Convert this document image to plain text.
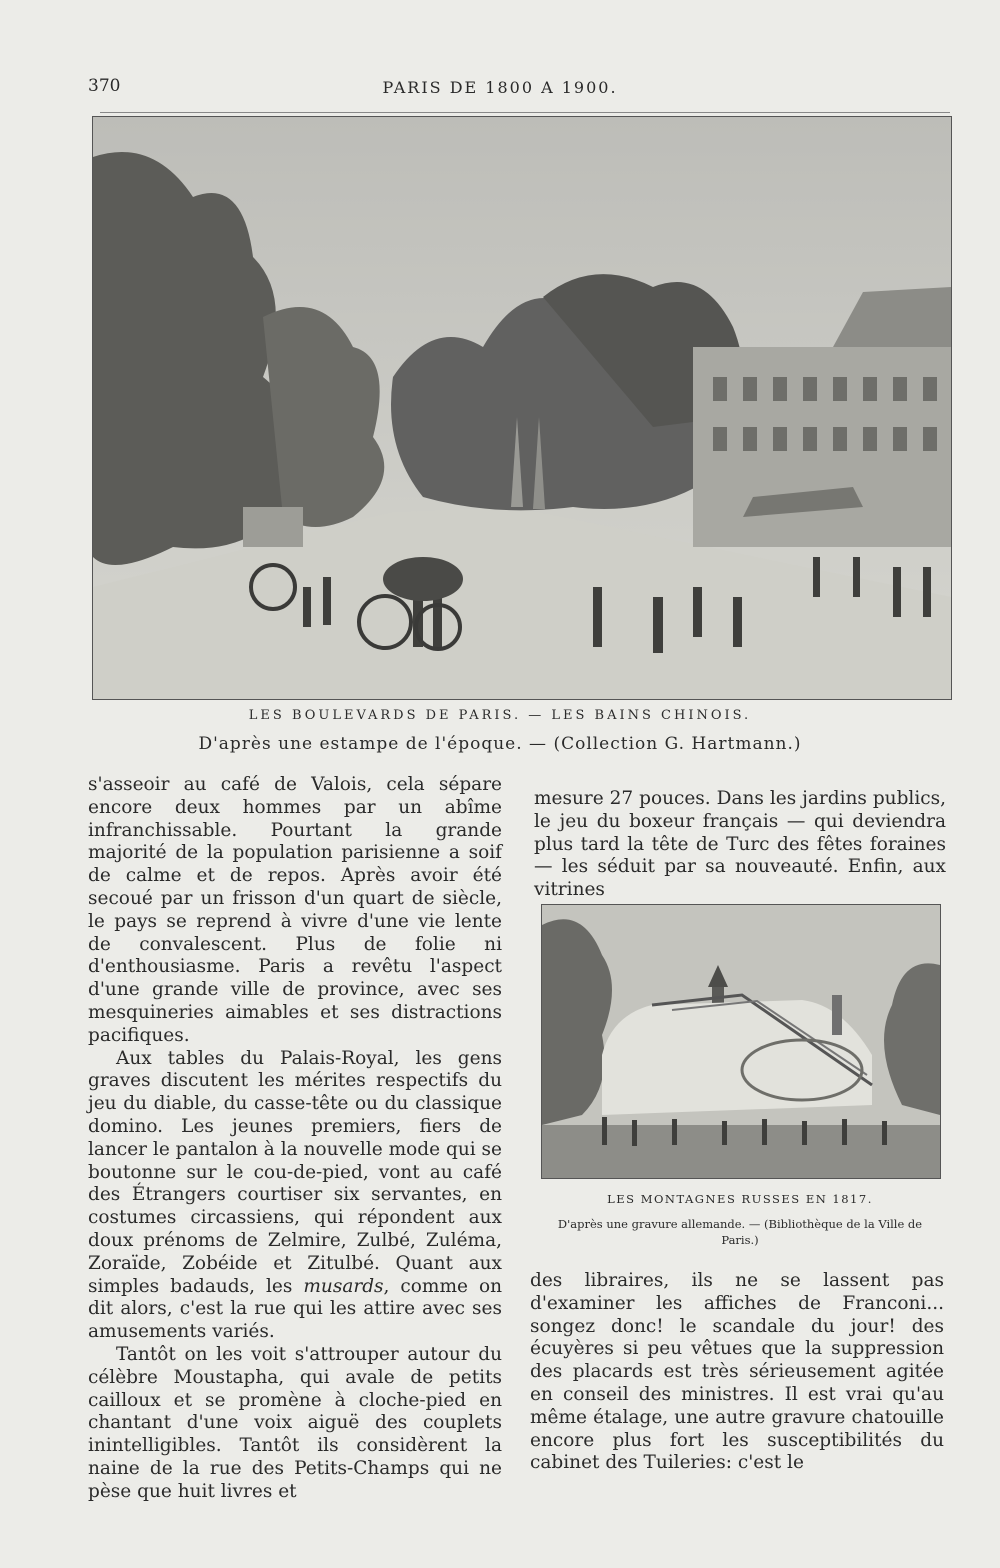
370	PARIS DE 1800 A 1900.
LES BOULEVARDS DE PARIS. — LES BAINS CHINOIS.
D'après une estampe de l'époque. — (Collection G. Hartmann.)

s'asseoir au café de Valois, cela sépare encore deux hommes par un abîme infranchissable. Pourtant la grande majorité de la population parisienne a soif de calme et de repos. Après avoir été secoué par un frisson d'un quart de siècle, le pays se reprend à vivre d'une vie lente de convalescent. Plus de folie ni d'enthousiasme. Paris a revêtu l'aspect d'une grande ville de province, avec ses mesquineries aimables et ses distractions pacifiques.

Aux tables du Palais-Royal, les gens graves discutent les mérites respectifs du jeu du diable, du casse-tête ou du classique domino. Les jeunes premiers, fiers de lancer le pantalon à la nouvelle mode qui se boutonne sur le cou-de-pied, vont au café des Étrangers courtiser six servantes, en costumes circassiens, qui répondent aux doux prénoms de Zelmire, Zulbé, Zuléma, Zoraïde, Zobéide et Zitulbé. Quant aux simples badauds, les musards, comme on dit alors, c'est la rue qui les attire avec ses amusements variés.

Tantôt on les voit s'attrouper autour du célèbre Moustapha, qui avale de petits cailloux et se promène à cloche-pied en chantant d'une voix aiguë des couplets inintelligibles. Tantôt ils considèrent la naine de la rue des Petits-Champs qui ne pèse que huit livres et

mesure 27 pouces. Dans les jardins publics, le jeu du boxeur français — qui deviendra plus tard la tête de Turc des fêtes foraines — les séduit par sa nouveauté. Enfin, aux vitrines

LES MONTAGNES RUSSES EN 1817.
D'après une gravure allemande. — (Bibliothèque de la Ville de Paris.)

des libraires, ils ne se lassent pas d'examiner les affiches de Franconi... songez donc! le scandale du jour! des écuyères si peu vêtues que la suppression des placards est très sérieusement agitée en conseil des ministres. Il est vrai qu'au même étalage, une autre gravure chatouille encore plus fort les susceptibilités du cabinet des Tuileries: c'est le
